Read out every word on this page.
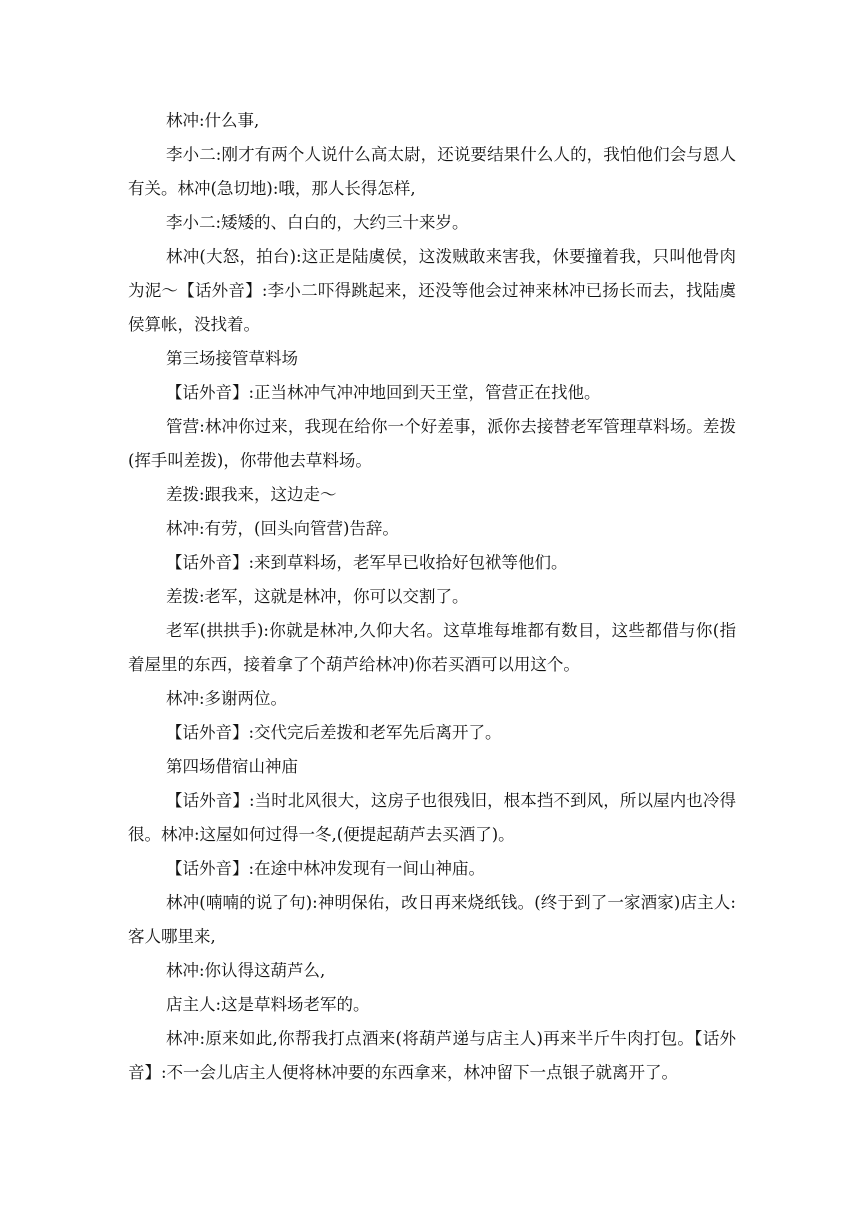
林冲:什么事,

李小二:刚才有两个人说什么高太尉，还说要结果什么人的，我怕他们会与恩人有关。林冲(急切地):哦，那人长得怎样,

李小二:矮矮的、白白的，大约三十来岁。

林冲(大怒，拍台):这正是陆虞侯，这泼贼敢来害我，休要撞着我，只叫他骨肉为泥～【话外音】:李小二吓得跳起来，还没等他会过神来林冲已扬长而去，找陆虞侯算帐，没找着。

第三场接管草料场

【话外音】:正当林冲气冲冲地回到天王堂，管营正在找他。

管营:林冲你过来，我现在给你一个好差事，派你去接替老军管理草料场。差拨(挥手叫差拨)，你带他去草料场。

差拨:跟我来，这边走～

林冲:有劳，(回头向管营)告辞。

【话外音】:来到草料场，老军早已收拾好包袱等他们。

差拨:老军，这就是林冲，你可以交割了。

老军(拱拱手):你就是林冲,久仰大名。这草堆每堆都有数目，这些都借与你(指着屋里的东西，接着拿了个葫芦给林冲)你若买酒可以用这个。

林冲:多谢两位。

【话外音】:交代完后差拨和老军先后离开了。

第四场借宿山神庙

【话外音】:当时北风很大，这房子也很残旧，根本挡不到风，所以屋内也冷得很。林冲:这屋如何过得一冬,(便提起葫芦去买酒了)。

【话外音】:在途中林冲发现有一间山神庙。

林冲(喃喃的说了句):神明保佑，改日再来烧纸钱。(终于到了一家酒家)店主人:客人哪里来,

林冲:你认得这葫芦么,

店主人:这是草料场老军的。

林冲:原来如此,你帮我打点酒来(将葫芦递与店主人)再来半斤牛肉打包。【话外音】:不一会儿店主人便将林冲要的东西拿来，林冲留下一点银子就离开了。
